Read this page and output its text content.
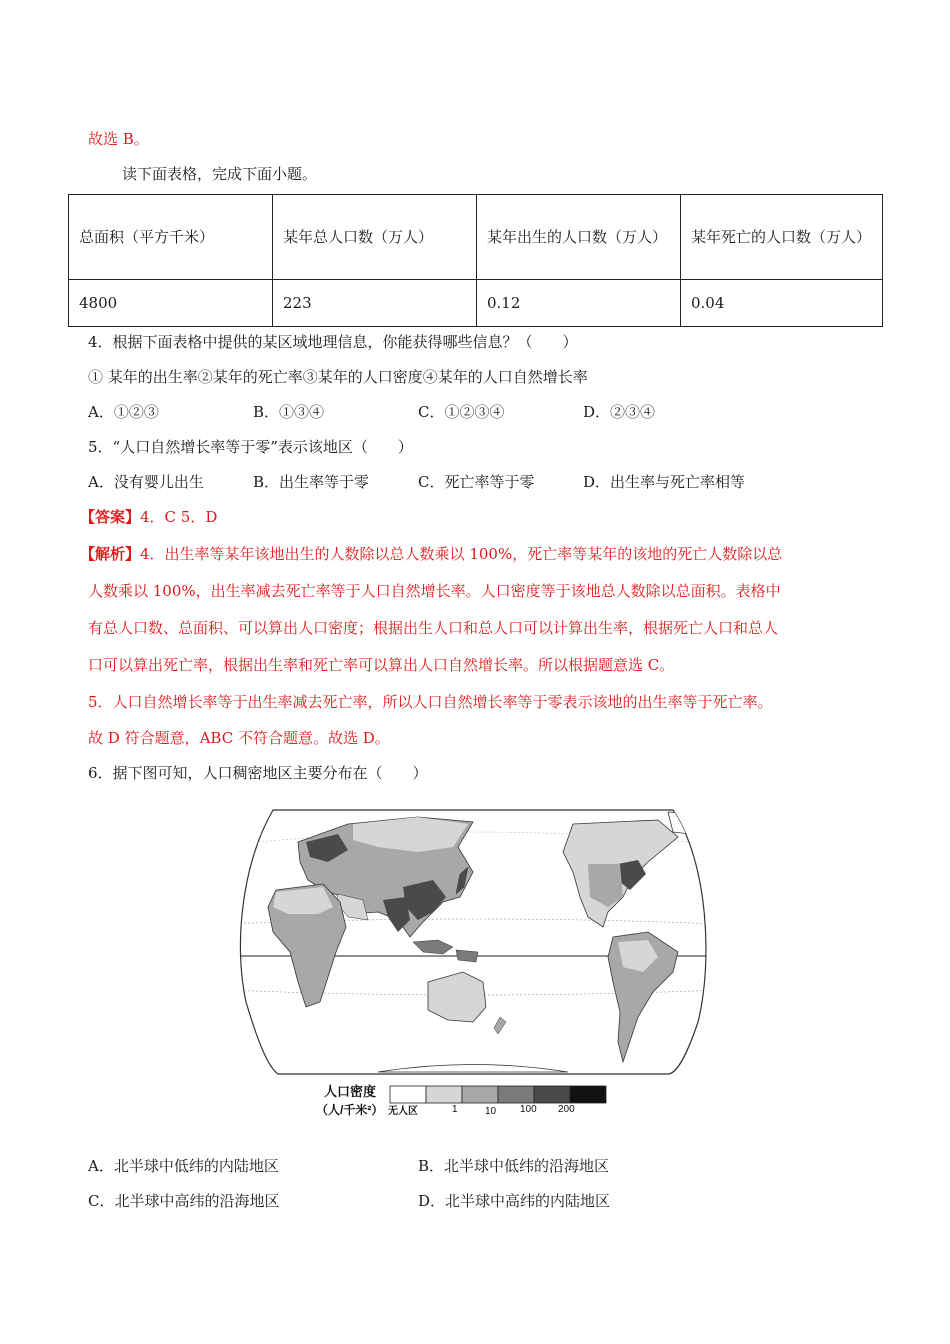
故选 B。
读下面表格，完成下面小题。
总面积（平方千米）	某年总人口数（万人）	某年出生的人口数（万人）	某年死亡的人口数（万人）
4800	223	0.12	0.04
4．根据下面表格中提供的某区域地理信息，你能获得哪些信息？（　　）
① 某年的出生率②某年的死亡率③某年的人口密度④某年的人口自然增长率
A．①②③	B．①③④	C．①②③④	D．②③④
5．“人口自然增长率等于零”表示该地区（　　）
A．没有婴儿出生	B．出生率等于零	C．死亡率等于零	D．出生率与死亡率相等
【答案】4．C 5．D
【解析】4．出生率等某年该地出生的人数除以总人数乘以 100%，死亡率等某年的该地的死亡人数除以总
人数乘以 100%，出生率减去死亡率等于人口自然增长率。人口密度等于该地总人数除以总面积。表格中
有总人口数、总面积、可以算出人口密度；根据出生人口和总人口可以计算出生率，根据死亡人口和总人
口可以算出死亡率，根据出生率和死亡率可以算出人口自然增长率。所以根据题意选 C。
5．人口自然增长率等于出生率减去死亡率，所以人口自然增长率等于零表示该地的出生率等于死亡率。
故 D 符合题意，ABC 不符合题意。故选 D。
6．据下图可知，人口稠密地区主要分布在（　　）
人口密度
（人/千米²） 无人区	1	10 100 200
A．北半球中低纬的内陆地区	B．北半球中低纬的沿海地区
C．北半球中高纬的沿海地区	D．北半球中高纬的内陆地区
